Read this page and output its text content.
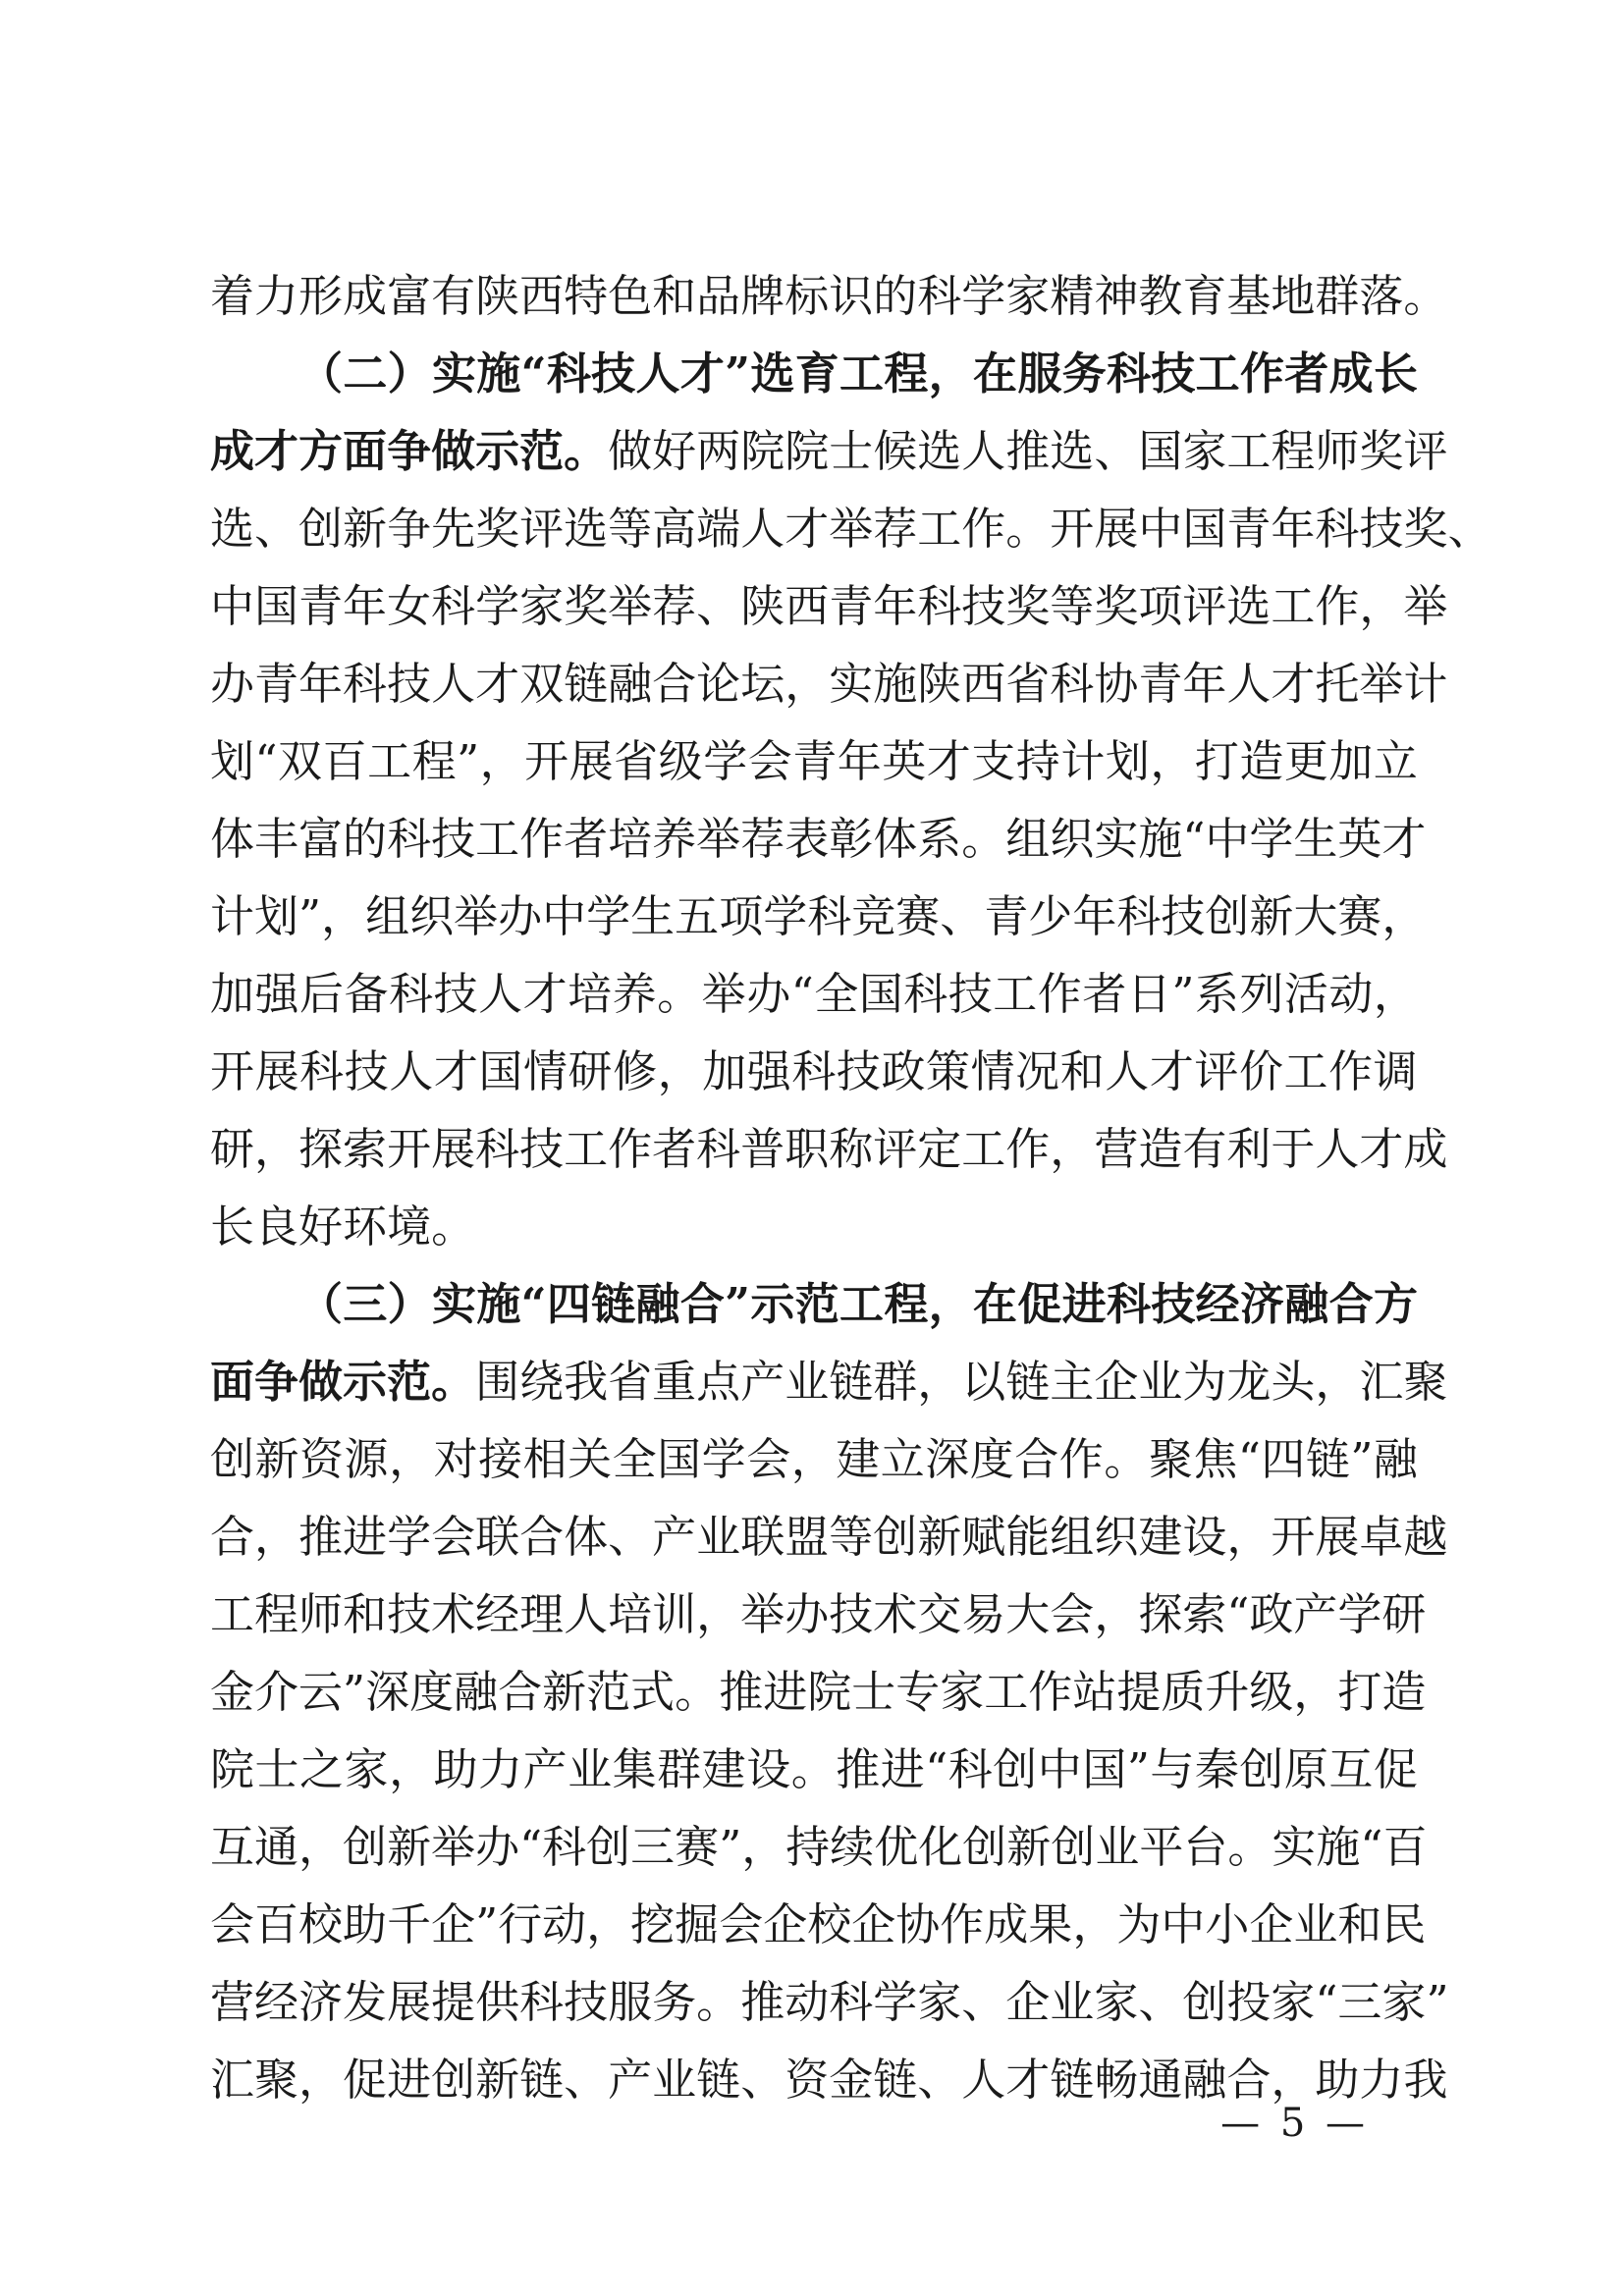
着 力 形 成 富 有 陕 西 特 色 和 品 牌 标 识 的 科 学 家 精 神 教 育 基 地 群 落 。
（ 二 ） 实 施 “ 科 技 人 才 ” 选 育 工 程 ， 在 服 务 科 技 工 作 者 成 长
成 才 方 面 争 做 示 范 。 做 好 两 院 院 士 候 选 人 推 选 、 国 家 工 程 师 奖 评
选 、 创 新 争 先 奖 评 选 等 高 端 人 才 举 荐 工 作 。 开 展 中 国 青 年 科 技 奖 、
中 国 青 年 女 科 学 家 奖 举 荐 、 陕 西 青 年 科 技 奖 等 奖 项 评 选 工 作 ， 举
办 青 年 科 技 人 才 双 链 融 合 论 坛 ， 实 施 陕 西 省 科 协 青 年 人 才 托 举 计
划 “ 双 百 工 程 ” ， 开 展 省 级 学 会 青 年 英 才 支 持 计 划 ， 打 造 更 加 立
体 丰 富 的 科 技 工 作 者 培 养 举 荐 表 彰 体 系 。 组 织 实 施 “ 中 学 生 英 才
计 划 ” ， 组 织 举 办 中 学 生 五 项 学 科 竞 赛 、 青 少 年 科 技 创 新 大 赛 ，
加 强 后 备 科 技 人 才 培 养 。 举 办 “ 全 国 科 技 工 作 者 日 ” 系 列 活 动 ，
开 展 科 技 人 才 国 情 研 修 ， 加 强 科 技 政 策 情 况 和 人 才 评 价 工 作 调
研 ， 探 索 开 展 科 技 工 作 者 科 普 职 称 评 定 工 作 ， 营 造 有 利 于 人 才 成
长 良 好 环 境 。
（ 三 ） 实 施 “ 四 链 融 合 ” 示 范 工 程 ， 在 促 进 科 技 经 济 融 合 方
面 争 做 示 范 。 围 绕 我 省 重 点 产 业 链 群 ， 以 链 主 企 业 为 龙 头 ， 汇 聚
创 新 资 源 ， 对 接 相 关 全 国 学 会 ， 建 立 深 度 合 作 。 聚 焦 “ 四 链 ” 融
合 ， 推 进 学 会 联 合 体 、 产 业 联 盟 等 创 新 赋 能 组 织 建 设 ， 开 展 卓 越
工 程 师 和 技 术 经 理 人 培 训 ， 举 办 技 术 交 易 大 会 ， 探 索 “ 政 产 学 研
金 介 云 ” 深 度 融 合 新 范 式 。 推 进 院 士 专 家 工 作 站 提 质 升 级 ， 打 造
院 士 之 家 ， 助 力 产 业 集 群 建 设 。 推 进 “ 科 创 中 国 ” 与 秦 创 原 互 促
互 通 ， 创 新 举 办 “ 科 创 三 赛 ” ， 持 续 优 化 创 新 创 业 平 台 。 实 施 “ 百
会 百 校 助 千 企 ” 行 动 ， 挖 掘 会 企 校 企 协 作 成 果 ， 为 中 小 企 业 和 民
营 经 济 发 展 提 供 科 技 服 务 。 推 动 科 学 家 、 企 业 家 、 创 投 家 “ 三 家 ”
汇 聚 ， 促 进 创 新 链 、 产 业 链 、 资 金 链 、 人 才 链 畅 通 融 合 ， 助 力 我
— 5 —
